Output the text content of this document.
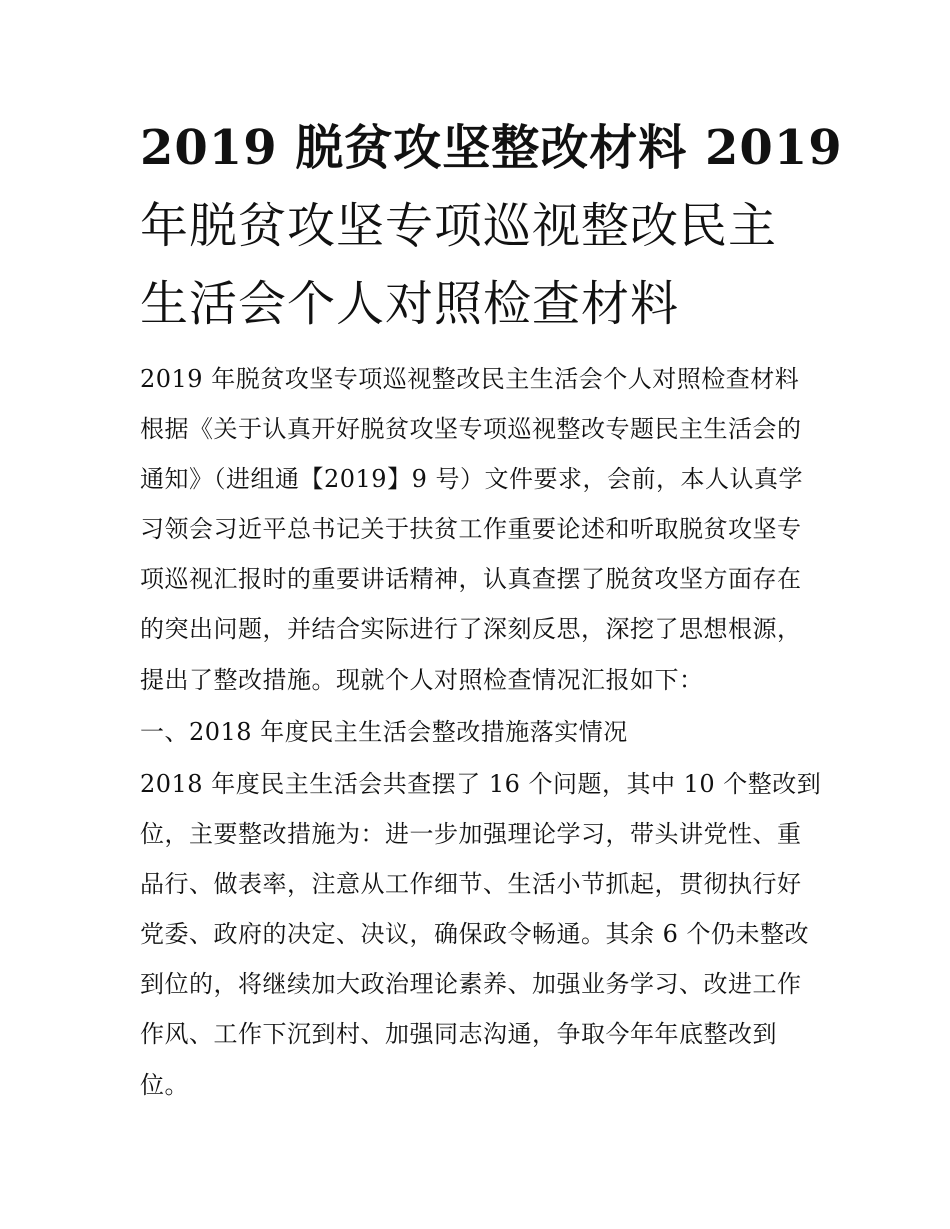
2019 脱贫攻坚整改材料 2019
年脱贫攻坚专项巡视整改民主
生活会个人对照检查材料
2019 年脱贫攻坚专项巡视整改民主生活会个人对照检查材料
根据《关于认真开好脱贫攻坚专项巡视整改专题民主生活会的
通知》（进组通【2019】9 号）文件要求，会前，本人认真学
习领会习近平总书记关于扶贫工作重要论述和听取脱贫攻坚专
项巡视汇报时的重要讲话精神，认真查摆了脱贫攻坚方面存在
的突出问题，并结合实际进行了深刻反思，深挖了思想根源，
提出了整改措施。现就个人对照检查情况汇报如下：
一、2018 年度民主生活会整改措施落实情况
2018 年度民主生活会共查摆了 16 个问题，其中 10 个整改到
位，主要整改措施为：进一步加强理论学习，带头讲党性、重
品行、做表率，注意从工作细节、生活小节抓起，贯彻执行好
党委、政府的决定、决议，确保政令畅通。其余 6 个仍未整改
到位的，将继续加大政治理论素养、加强业务学习、改进工作
作风、工作下沉到村、加强同志沟通，争取今年年底整改到
位。
